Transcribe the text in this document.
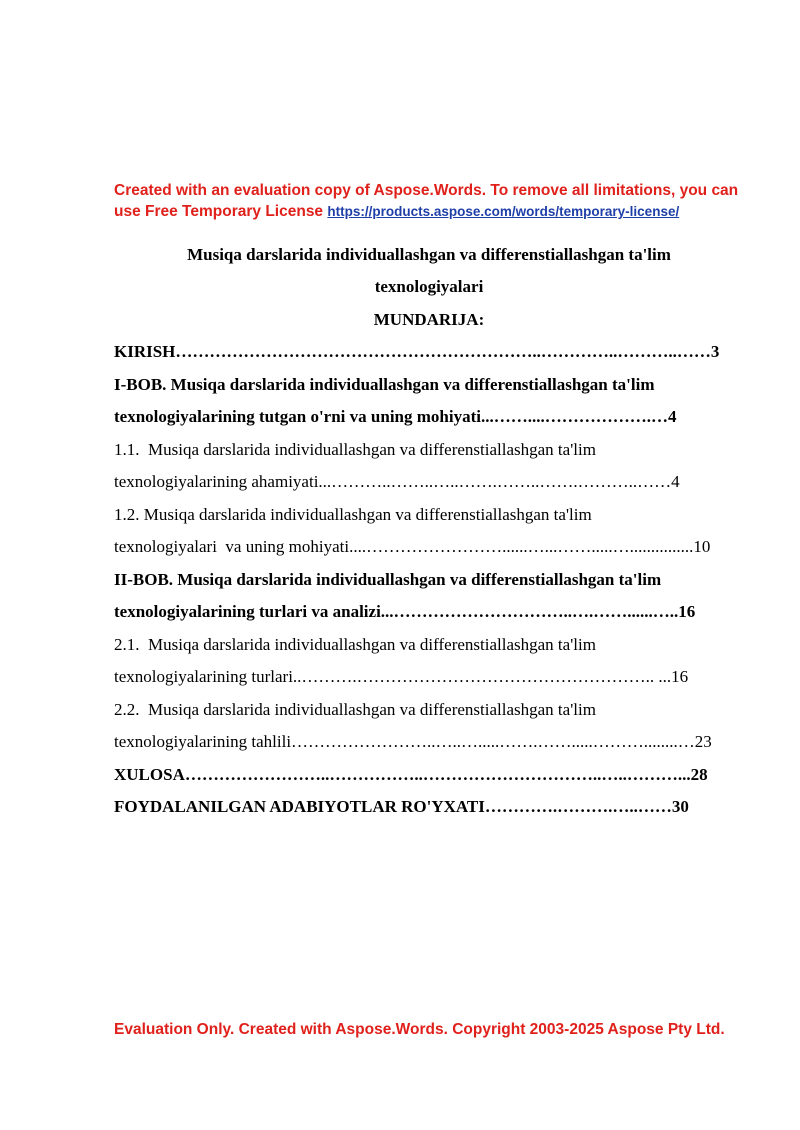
Created with an evaluation copy of Aspose.Words. To remove all limitations, you can use Free Temporary License https://products.aspose.com/words/temporary-license/
Musiqa darslarida individuallashgan va differenstiallashgan ta'lim
texnologiyalari
MUNDARIJA:
KIRISH………………………………………………………..…………..………..……3
I-BOB. Musiqa darslarida individuallashgan va differenstiallashgan ta'lim
texnologiyalarining tutgan o'rni va uning mohiyati...……....……………….…4
1.1.  Musiqa darslarida individuallashgan va differenstiallashgan ta'lim
texnologiyalarining ahamiyati...………..……..…..…….……..…….………..……4
1.2. Musiqa darslarida individuallashgan va differenstiallashgan ta'lim
texnologiyalari  va uning mohiyati....……………………......…...…….....…...............10
II-BOB. Musiqa darslarida individuallashgan va differenstiallashgan ta'lim
texnologiyalarining turlari va analizi...…………………………..….……......…..16
2.1.  Musiqa darslarida individuallashgan va differenstiallashgan ta'lim
texnologiyalarining turlari..……….…………………………………………….. ...16
2.2.  Musiqa darslarida individuallashgan va differenstiallashgan ta'lim
texnologiyalarining tahlili……………………..…..….....…….…….....………........…23
XULOSA……………………..……………..…………………………..…..………...28
FOYDALANILGAN ADABIYOTLAR RO'YXATI………….……….…..……30
Evaluation Only. Created with Aspose.Words. Copyright 2003-2025 Aspose Pty Ltd.
